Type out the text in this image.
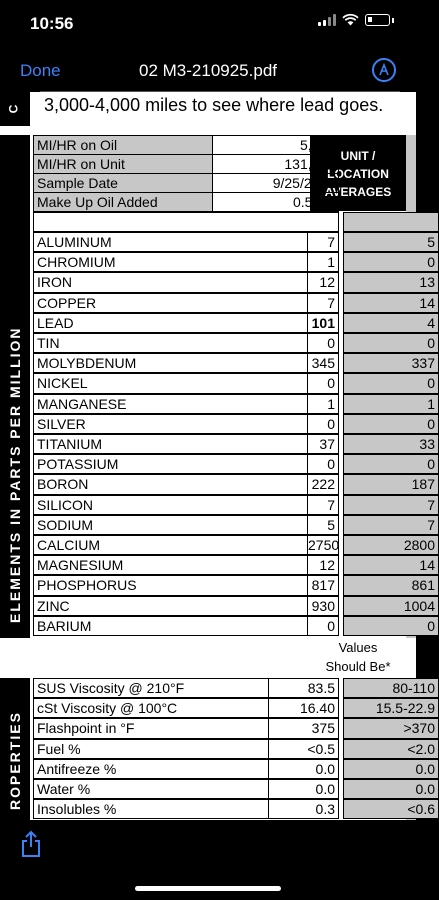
10:56
Done	02 M3-210925.pdf
C 3,000-4,000 miles to see where lead goes.
ELEMENTS IN PARTS PER MILLION
ROPERTIES
UNIT /
LOCATION
AVERAGES
MI/HR on Oil	5,400
MI/HR on Unit	131,400
Sample Date	9/25/2021
Make Up Oil Added	0.5 qts
ALUMINUM	7	5
CHROMIUM	1	0
IRON	12	13
COPPER	7	14
LEAD	101	4
TIN	0	0
MOLYBDENUM	345	337
NICKEL	0	0
MANGANESE	1	1
SILVER	0	0
TITANIUM	37	33
POTASSIUM	0	0
BORON	222	187
SILICON	7	7
SODIUM	5	7
CALCIUM	2750	2800
MAGNESIUM	12	14
PHOSPHORUS	817	861
ZINC	930	1004
BARIUM	0	0
Values
Should Be*
SUS Viscosity @ 210°F	83.5	80-110
cSt Viscosity @ 100°C	16.40	15.5-22.9
Flashpoint in °F	375	>370
Fuel %	<0.5	<2.0
Antifreeze %	0.0	0.0
Water %	0.0	0.0
Insolubles %	0.3	<0.6
